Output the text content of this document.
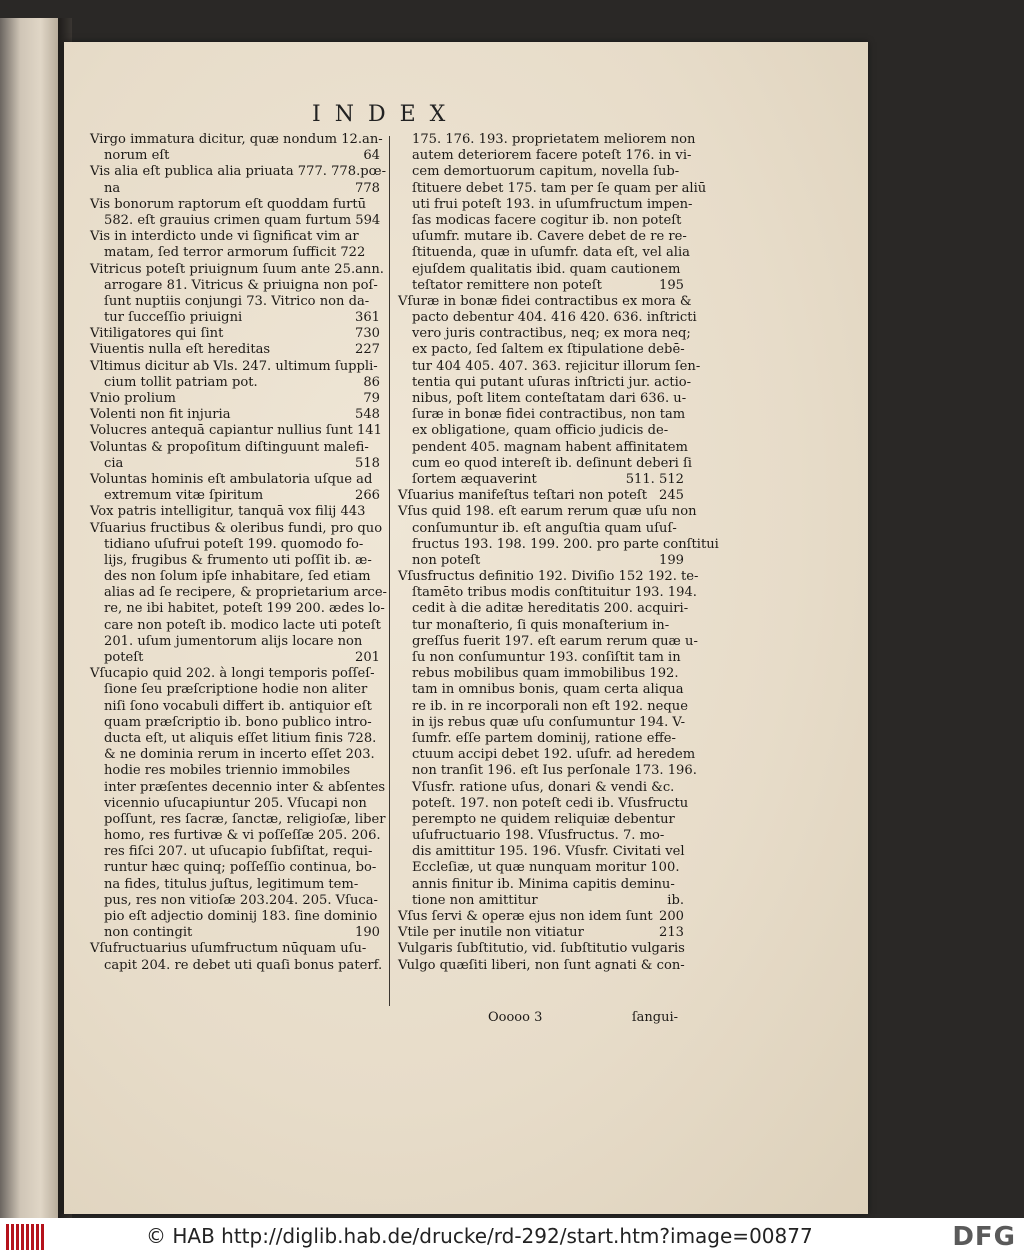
INDEX
Virgo immatura dicitur, quæ nondum 12.an-
norum eſt	64
Vis alia eſt publica alia priuata 777. 778.pœ-
na	778
Vis bonorum raptorum eſt quoddam furtū
582. eſt grauius crimen quam furtum 594
Vis in interdicto unde vi ſignificat vim ar
matam, ſed terror armorum ſufficit 722
Vitricus poteſt priuignum ſuum ante 25.ann.
arrogare 81. Vitricus & priuigna non poſ-
ſunt nuptiis conjungi 73. Vitrico non da-
tur ſucceſſio priuigni	361
Vitiligatores qui ſint	730
Viuentis nulla eſt hereditas	227
Vltimus dicitur ab Vls. 247. ultimum ſuppli-
cium tollit patriam pot.	86
Vnio prolium	79
Volenti non fit injuria	548
Volucres antequā capiantur nullius ſunt 141
Voluntas & propoſitum diſtinguunt malefi-
cia	518
Voluntas hominis eſt ambulatoria uſque ad
extremum vitæ ſpiritum	266
Vox patris intelligitur, tanquā vox filij 443
Vſuarius fructibus & oleribus fundi, pro quo
tidiano uſufrui poteſt 199. quomodo fo-
lijs, frugibus & frumento uti poſſit ib. æ-
des non ſolum ipſe inhabitare, ſed etiam
alias ad ſe recipere, & proprietarium arce-
re, ne ibi habitet, poteſt 199 200. ædes lo-
care non poteſt ib. modico lacte uti poteſt
201. uſum jumentorum alijs locare non
poteſt	201
Vſucapio quid 202. à longi temporis poſſeſ-
ſione ſeu præſcriptione hodie non aliter
niſi ſono vocabuli differt ib. antiquior eſt
quam præſcriptio ib. bono publico intro-
ducta eſt, ut aliquis eſſet litium finis 728.
& ne dominia rerum in incerto eſſet 203.
hodie res mobiles triennio immobiles
inter præſentes decennio inter & abſentes
vicennio uſucapiuntur 205. Vſucapi non
poſſunt, res ſacræ, ſanctæ, religioſæ, liber
homo, res furtivæ & vi poſſeſſæ 205. 206.
res fiſci 207. ut uſucapio ſubſiſtat, requi-
runtur hæc quinq; poſſeſſio continua, bo-
na fides, titulus juſtus, legitimum tem-
pus, res non vitioſæ 203.204. 205. Vſuca-
pio eſt adjectio dominij 183. ſine dominio
non contingit	190
Vſufructuarius uſumfructum nūquam uſu-
capit 204. re debet uti quaſi bonus paterf.
175. 176. 193. proprietatem meliorem non
autem deteriorem facere poteſt 176. in vi-
cem demortuorum capitum, novella ſub-
ſtituere debet 175. tam per ſe quam per aliū
uti frui poteſt 193. in uſumfructum impen-
ſas modicas facere cogitur ib. non poteſt
uſumfr. mutare ib. Cavere debet de re re-
ſtituenda, quæ in uſumfr. data eſt, vel alia
ejuſdem qualitatis ibid. quam cautionem
teſtator remittere non poteſt	195
Vſuræ in bonæ fidei contractibus ex mora &
pacto debentur 404. 416 420. 636. inſtricti
vero juris contractibus, neq; ex mora neq;
ex pacto, ſed ſaltem ex ſtipulatione debē-
tur 404 405. 407. 363. rejicitur illorum ſen-
tentia qui putant uſuras inſtricti jur. actio-
nibus, poſt litem conteſtatam dari 636. u-
ſuræ in bonæ fidei contractibus, non tam
ex obligatione, quam officio judicis de-
pendent 405. magnam habent affinitatem
cum eo quod intereſt ib. deſinunt deberi ſi
ſortem æquaverint	511. 512
Vſuarius manifeſtus teſtari non poteſt 245
Vſus quid 198. eſt earum rerum quæ uſu non
conſumuntur ib. eſt anguſtia quam uſuſ-
fructus 193. 198. 199. 200. pro parte conſtitui
non poteſt	199
Vſusfructus definitio 192. Diviſio 152 192. te-
ſtamēto tribus modis conſtituitur 193. 194.
cedit à die aditæ hereditatis 200. acquiri-
tur monaſterio, ſi quis monaſterium in-
greſſus fuerit 197. eſt earum rerum quæ u-
ſu non conſumuntur 193. conſiſtit tam in
rebus mobilibus quam immobilibus 192.
tam in omnibus bonis, quam certa aliqua
re ib. in re incorporali non eſt 192. neque
in ijs rebus quæ uſu conſumuntur 194. V-
ſumfr. eſſe partem dominij, ratione effe-
ctuum accipi debet 192. uſufr. ad heredem
non tranſit 196. eſt Ius perſonale 173. 196.
Vſusfr. ratione uſus, donari & vendi &c.
poteſt. 197. non poteſt cedi ib. Vſusfructu
perempto ne quidem reliquiæ debentur
uſufructuario 198. Vſusfructus. 7. mo-
dis amittitur 195. 196. Vſusfr. Civitati vel
Eccleſiæ, ut quæ nunquam moritur 100.
annis finitur ib. Minima capitis deminu-
tione non amittitur	ib.
Vſus ſervi & operæ ejus non idem ſunt 200
Vtile per inutile non vitiatur	213
Vulgaris ſubſtitutio, vid. ſubſtitutio vulgaris
Vulgo quæſiti liberi, non ſunt agnati & con-
Ooooo 3	ſangui-
© HAB http://diglib.hab.de/drucke/rd-292/start.htm?image=00877	DFG
